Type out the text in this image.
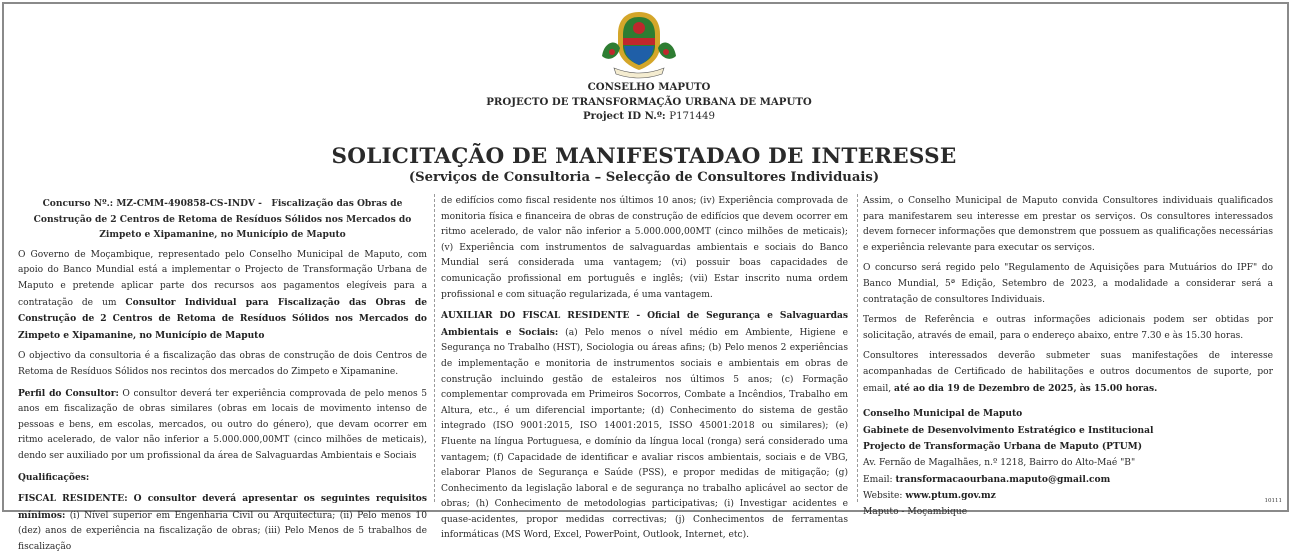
CONSELHO MAPUTO
PROJECTO DE TRANSFORMAÇÃO URBANA DE MAPUTO
Project ID N.º: P171449
SOLICITAÇÃO DE MANIFESTADAO DE INTERESSE
(Serviços de Consultoria – Selecção de Consultores Individuais)

Concurso Nº.: MZ-CMM-490858-CS-INDV - Fiscalização das Obras de Construção de 2 Centros de Retoma de Resíduos Sólidos nos Mercados do Zimpeto e Xipamanine, no Município de Maputo

O Governo de Moçambique, representado pelo Conselho Municipal de Maputo, com apoio do Banco Mundial está a implementar o Projecto de Transformação Urbana de Maputo e pretende aplicar parte dos recursos aos pagamentos elegíveis para a contratação de um Consultor Individual para Fiscalização das Obras de Construção de 2 Centros de Retoma de Resíduos Sólidos nos Mercados do Zimpeto e Xipamanine, no Município de Maputo

O objectivo da consultoria é a fiscalização das obras de construção de dois Centros de Retoma de Resíduos Sólidos nos recintos dos mercados do Zimpeto e Xipamanine.

Perfil do Consultor: O consultor deverá ter experiência comprovada de pelo menos 5 anos em fiscalização de obras similares (obras em locais de movimento intenso de pessoas e bens, em escolas, mercados, ou outro do género), que devam ocorrer em ritmo acelerado, de valor não inferior a 5.000.000,00MT (cinco milhões de meticais), dendo ser auxiliado por um profissional da área de Salvaguardas Ambientais e Sociais

Qualificações:

FISCAL RESIDENTE: O consultor deverá apresentar os seguintes requisitos mínimos: (i) Nível superior em Engenharia Civil ou Arquitectura; (ii) Pelo menos 10 (dez) anos de experiência na fiscalização de obras; (iii) Pelo Menos de 5 trabalhos de fiscalização

de edifícios como fiscal residente nos últimos 10 anos; (iv) Experiência comprovada de monitoria física e financeira de obras de construção de edifícios que devem ocorrer em ritmo acelerado, de valor não inferior a 5.000.000,00MT (cinco milhões de meticais); (v) Experiência com instrumentos de salvaguardas ambientais e sociais do Banco Mundial será considerada uma vantagem; (vi) possuir boas capacidades de comunicação profissional em português e inglês; (vii) Estar inscrito numa ordem profissional e com situação regularizada, é uma vantagem.

AUXILIAR DO FISCAL RESIDENTE - Oficial de Segurança e Salvaguardas Ambientais e Sociais: (a) Pelo menos o nível médio em Ambiente, Higiene e Segurança no Trabalho (HST), Sociologia ou áreas afins; (b) Pelo menos 2 experiências de implementação e monitoria de instrumentos sociais e ambientais em obras de construção incluindo gestão de estaleiros nos últimos 5 anos; (c) Formação complementar comprovada em Primeiros Socorros, Combate a Incêndios, Trabalho em Altura, etc., é um diferencial importante; (d) Conhecimento do sistema de gestão integrado (ISO 9001:2015, ISO 14001:2015, ISSO 45001:2018 ou similares); (e) Fluente na língua Portuguesa, e domínio da língua local (ronga) será considerado uma vantagem; (f) Capacidade de identificar e avaliar riscos ambientais, sociais e de VBG, elaborar Planos de Segurança e Saúde (PSS), e propor medidas de mitigação; (g) Conhecimento da legislação laboral e de segurança no trabalho aplicável ao sector de obras; (h) Conhecimento de metodologias participativas; (i) Investigar acidentes e quase-acidentes, propor medidas correctivas; (j) Conhecimentos de ferramentas informáticas (MS Word, Excel, PowerPoint, Outlook, Internet, etc).

Assim, o Conselho Municipal de Maputo convida Consultores individuais qualificados para manifestarem seu interesse em prestar os serviços. Os consultores interessados devem fornecer informações que demonstrem que possuem as qualificações necessárias e experiência relevante para executar os serviços.

O concurso será regido pelo "Regulamento de Aquisições para Mutuários do IPF" do Banco Mundial, 5ª Edição, Setembro de 2023, a modalidade a considerar será a contratação de consultores Individuais.

Termos de Referência e outras informações adicionais podem ser obtidas por solicitação, através de email, para o endereço abaixo, entre 7.30 e às 15.30 horas.

Consultores interessados deverão submeter suas manifestações de interesse acompanhadas de Certificado de habilitações e outros documentos de suporte, por email, até ao dia 19 de Dezembro de 2025, às 15.00 horas.

Conselho Municipal de Maputo

Gabinete de Desenvolvimento Estratégico e Institucional

Projecto de Transformação Urbana de Maputo (PTUM)

Av. Fernão de Magalhães, n.º 1218, Bairro do Alto-Maé "B"

Email: transformacaourbana.maputo@gmail.com

Website: www.ptum.gov.mz

Maputo - Moçambique

10111
